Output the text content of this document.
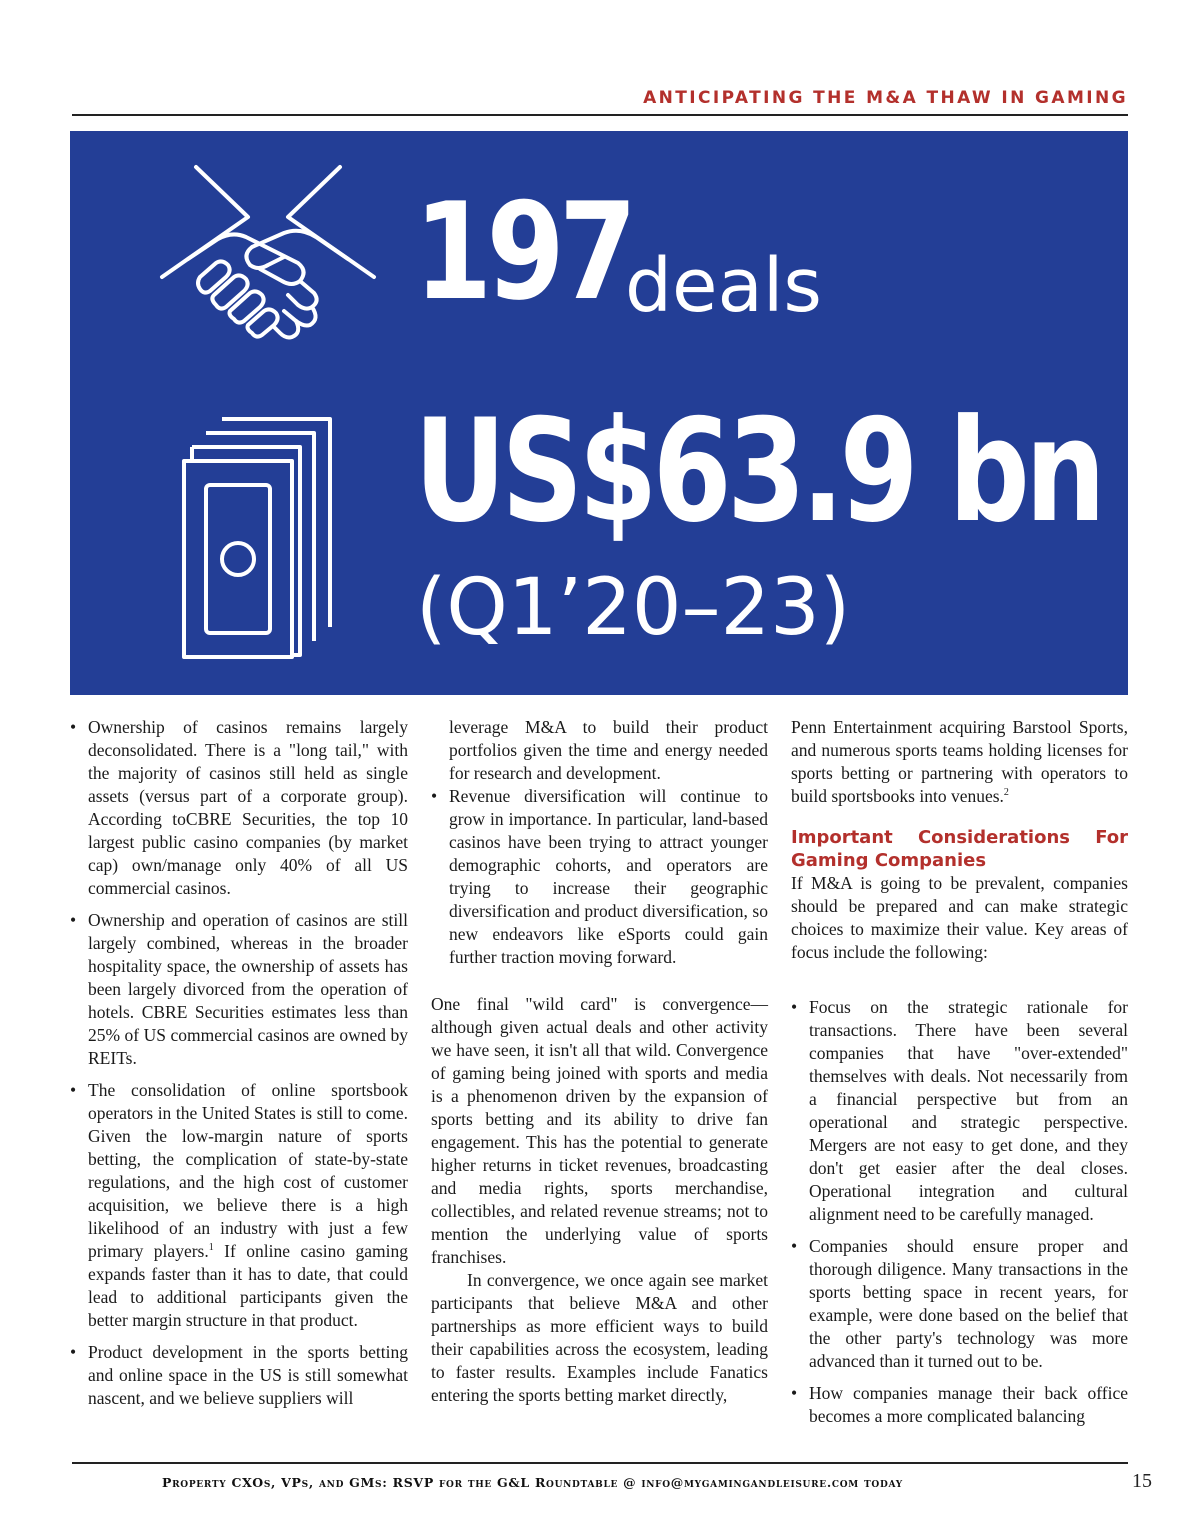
ANTICIPATING THE M&A THAW IN GAMING
197
deals
US$63.9 bn
(Q1’20–23)
• Ownership of casinos remains largely deconsolidated. There is a "long tail," with the majority of casinos still held as single assets (versus part of a corporate group). According toCBRE Securities, the top 10 largest public casino companies (by market cap) own/manage only 40% of all US commercial casinos.
• Ownership and operation of casinos are still largely combined, whereas in the broader hospitality space, the ownership of assets has been largely divorced from the operation of hotels. CBRE Securities estimates less than 25% of US commercial casinos are owned by REITs.
• The consolidation of online sportsbook operators in the United States is still to come. Given the low-margin nature of sports betting, the complication of state-by-state regulations, and the high cost of customer acquisition, we believe there is a high likelihood of an industry with just a few primary players.$^1$ If online casino gaming expands faster than it has to date, that could lead to additional participants given the better margin structure in that product.
• Product development in the sports betting and online space in the US is still somewhat nascent, and we believe suppliers will

leverage M&A to build their product portfolios given the time and energy needed for research and development.

• Revenue diversification will continue to grow in importance. In particular, land-based casinos have been trying to attract younger demographic cohorts, and operators are trying to increase their geographic diversification and product diversification, so new endeavors like eSports could gain further traction moving forward.

One final "wild card" is convergence—although given actual deals and other activity we have seen, it isn't all that wild. Convergence of gaming being joined with sports and media is a phenomenon driven by the expansion of sports betting and its ability to drive fan engagement. This has the potential to generate higher returns in ticket revenues, broadcasting and media rights, sports merchandise, collectibles, and related revenue streams; not to mention the underlying value of sports franchises.

In convergence, we once again see market participants that believe M&A and other partnerships as more efficient ways to build their capabilities across the ecosystem, leading to faster results. Examples include Fanatics entering the sports betting market directly,

Penn Entertainment acquiring Barstool Sports, and numerous sports teams holding licenses for sports betting or partnering with operators to build sportsbooks into venues.$^2$

Important Considerations For Gaming Companies

If M&A is going to be prevalent, companies should be prepared and can make strategic choices to maximize their value. Key areas of focus include the following:

• Focus on the strategic rationale for transactions. There have been several companies that have "over-extended" themselves with deals. Not necessarily from a financial perspective but from an operational and strategic perspective. Mergers are not easy to get done, and they don't get easier after the deal closes. Operational integration and cultural alignment need to be carefully managed.
• Companies should ensure proper and thorough diligence. Many transactions in the sports betting space in recent years, for example, were done based on the belief that the other party's technology was more advanced than it turned out to be.
• How companies manage their back office becomes a more complicated balancing
Property CXOs, VPs, and GMs: RSVP for the G&L Roundtable @ info@mygamingandleisure.com today	15
